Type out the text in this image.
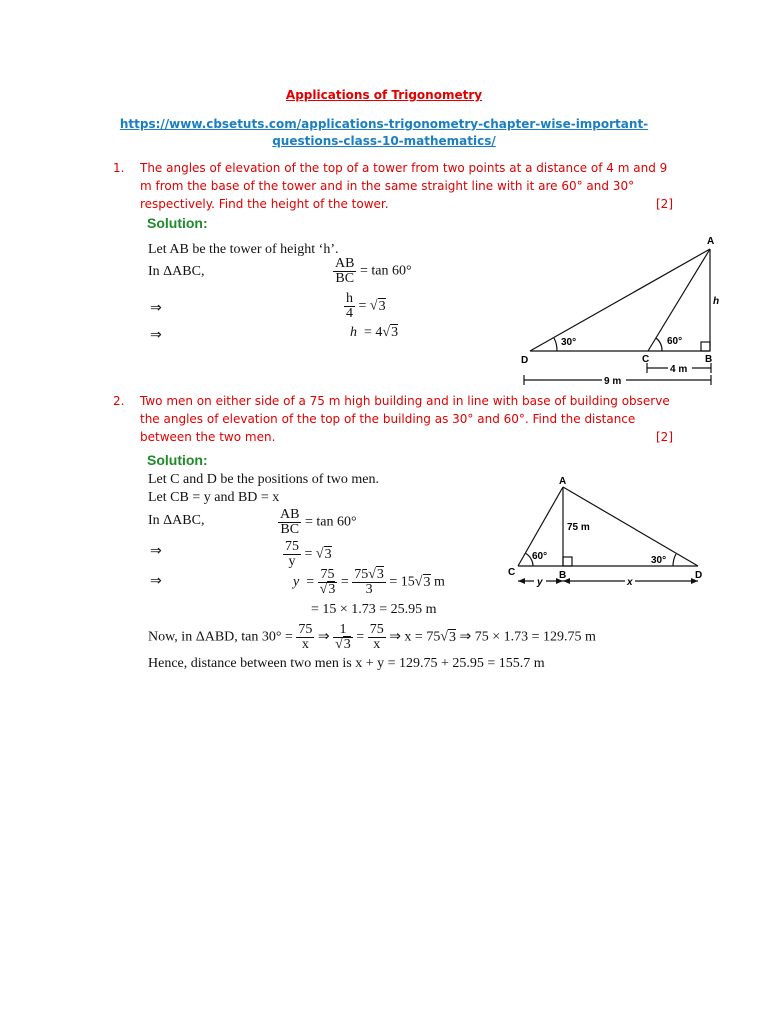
Applications of Trigonometry
https://www.cbsetuts.com/applications-trigonometry-chapter-wise-important-questions-class-10-mathematics/
1. The angles of elevation of the top of a tower from two points at a distance of 4 m and 9 m from the base of the tower and in the same straight line with it are 60° and 30° respectively. Find the height of the tower.	[2]
Solution:
Let AB be the tower of height ‘h’.
In ΔABC,	$\frac{AB}{BC} = \tan 60^\circ$
⇒	$\frac{h}{4} = √3$
⇒	h = 4√3
A
h
D	C	B
30°	60°
4 m
9 m
2. Two men on either side of a 75 m high building and in line with base of building observe the angles of elevation of the top of the building as 30° and 60°. Find the distance between the two men.	[2]
Solution:
Let C and D be the positions of two men.
Let CB = y and BD = x
In ΔABC,	$\frac{AB}{BC} = \tan 60^\circ$
⇒	$\frac{75}{y} = √3$
⇒	$y = \frac{75}{√3} = \frac{75√3}{3} = 15√3$ m
= 15 × 1.73 = 25.95 m
Now, in ΔABD, $\tan 30^\circ = \frac{75}{x}$ ⇒ $\frac{1}{√3} = \frac{75}{x}$ ⇒ x = 75√3 ⇒ 75 × 1.73 = 129.75 m
Hence, distance between two men is x + y = 129.75 + 25.95 = 155.7 m
A
75 m
C	B	D
60°	30°
y	x
